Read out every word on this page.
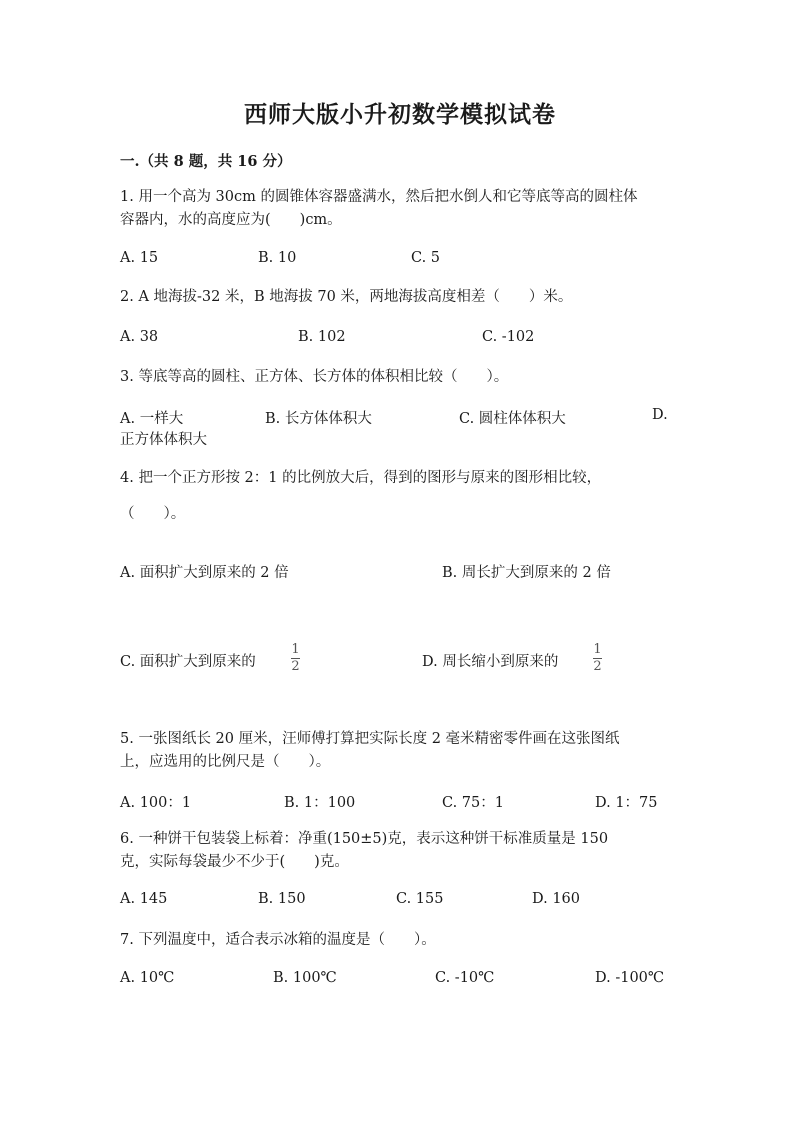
西师大版小升初数学模拟试卷
一.（共 8 题，共 16 分）
1. 用一个高为 30cm 的圆锥体容器盛满水，然后把水倒人和它等底等高的圆柱体
容器内，水的高度应为(　　)cm。
A. 15	B. 10	C. 5
2. A 地海拔-32 米，B 地海拔 70 米，两地海拔高度相差（　　）米。
A. 38	B. 102	C. -102
3. 等底等高的圆柱、正方体、长方体的体积相比较（　　）。
A. 一样大	B. 长方体体积大	C. 圆柱体体积大	D.
正方体体积大
4. 把一个正方形按 2：1 的比例放大后，得到的图形与原来的图形相比较，
（　　）。
A. 面积扩大到原来的 2 倍	B. 周长扩大到原来的 2 倍
C. 面积扩大到原来的
1
2	D. 周长缩小到原来的
1
2
5. 一张图纸长 20 厘米，汪师傅打算把实际长度 2 毫米精密零件画在这张图纸
上，应选用的比例尺是（　　）。
A. 100：1	B. 1：100	C. 75：1	D. 1：75
6. 一种饼干包装袋上标着：净重(150±5)克，表示这种饼干标准质量是 150
克，实际每袋最少不少于(　　)克。
A. 145	B. 150	C. 155	D. 160
7. 下列温度中，适合表示冰箱的温度是（　　）。
A. 10℃	B. 100℃	C. -10℃	D. -100℃
